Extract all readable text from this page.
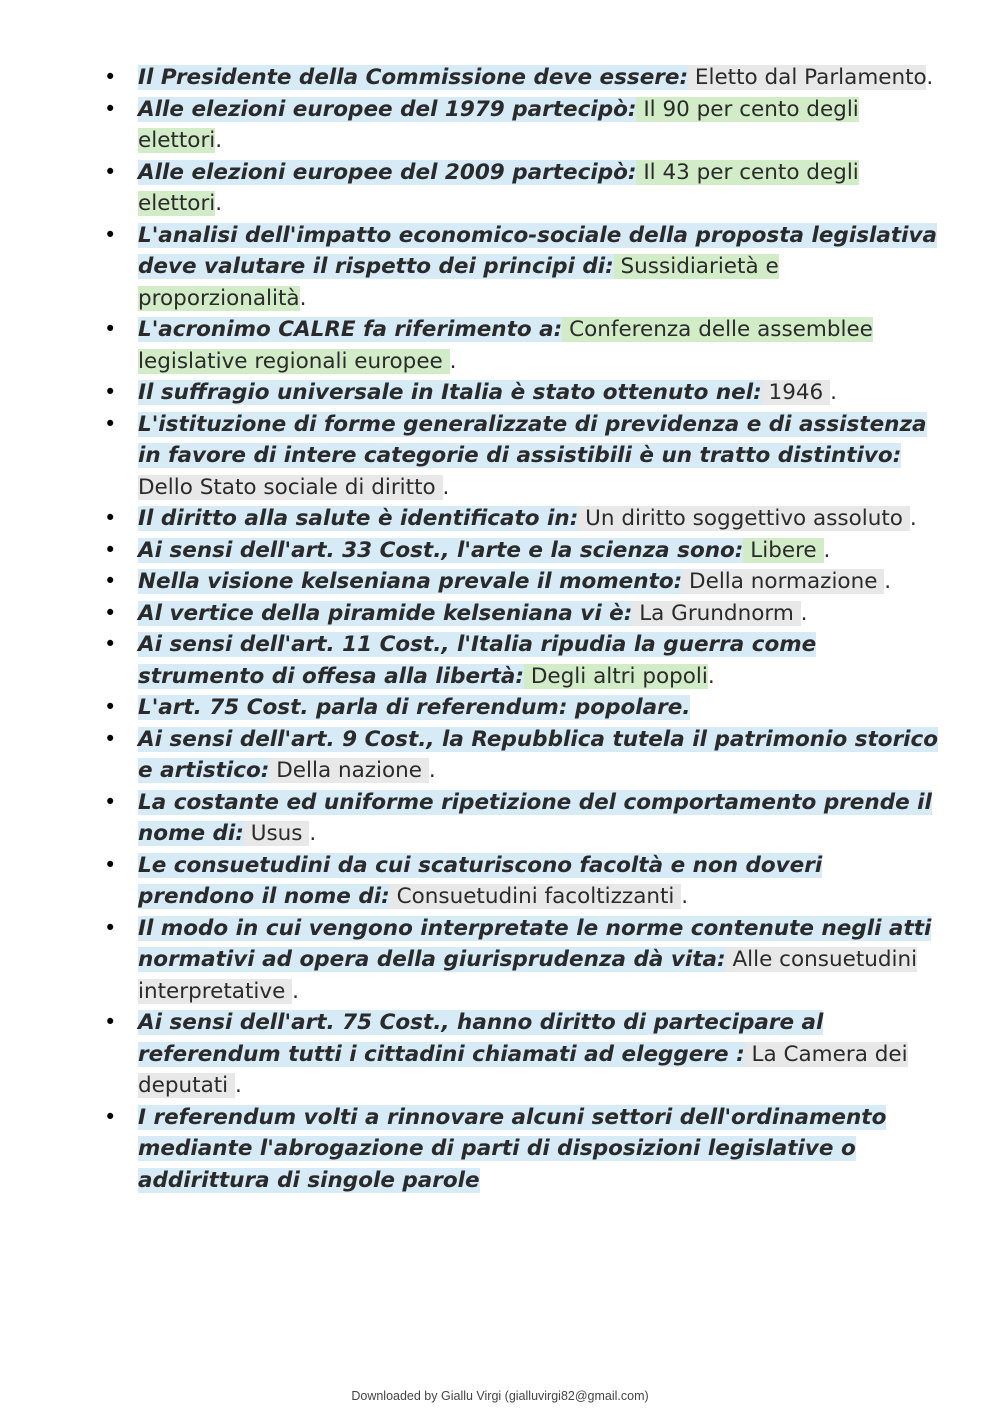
• Il Presidente della Commissione deve essere: Eletto dal Parlamento.
• Alle elezioni europee del 1979 partecipò: Il 90 per cento degli elettori.
• Alle elezioni europee del 2009 partecipò: Il 43 per cento degli elettori.
• L'analisi dell'impatto economico-sociale della proposta legislativa deve valutare il rispetto dei principi di: Sussidiarietà e proporzionalità.
• L'acronimo CALRE fa riferimento a: Conferenza delle assemblee legislative regionali europee .
• Il suffragio universale in Italia è stato ottenuto nel: 1946 .
• L'istituzione di forme generalizzate di previdenza e di assistenza in favore di intere categorie di assistibili è un tratto distintivo: Dello Stato sociale di diritto .
• Il diritto alla salute è identificato in: Un diritto soggettivo assoluto .
• Ai sensi dell'art. 33 Cost., l'arte e la scienza sono: Libere .
• Nella visione kelseniana prevale il momento: Della normazione .
• Al vertice della piramide kelseniana vi è: La Grundnorm .
• Ai sensi dell'art. 11 Cost., l'Italia ripudia la guerra come strumento di offesa alla libertà: Degli altri popoli.
• L'art. 75 Cost. parla di referendum: popolare.
• Ai sensi dell'art. 9 Cost., la Repubblica tutela il patrimonio storico e artistico: Della nazione .
• La costante ed uniforme ripetizione del comportamento prende il nome di: Usus .
• Le consuetudini da cui scaturiscono facoltà e non doveri prendono il nome di: Consuetudini facoltizzanti .
• Il modo in cui vengono interpretate le norme contenute negli atti normativi ad opera della giurisprudenza dà vita: Alle consuetudini interpretative .
• Ai sensi dell'art. 75 Cost., hanno diritto di partecipare al referendum tutti i cittadini chiamati ad eleggere : La Camera dei deputati .
• I referendum volti a rinnovare alcuni settori dell'ordinamento mediante l'abrogazione di parti di disposizioni legislative o addirittura di singole parole
Downloaded by Giallu Virgi (gialluvirgi82@gmail.com)
